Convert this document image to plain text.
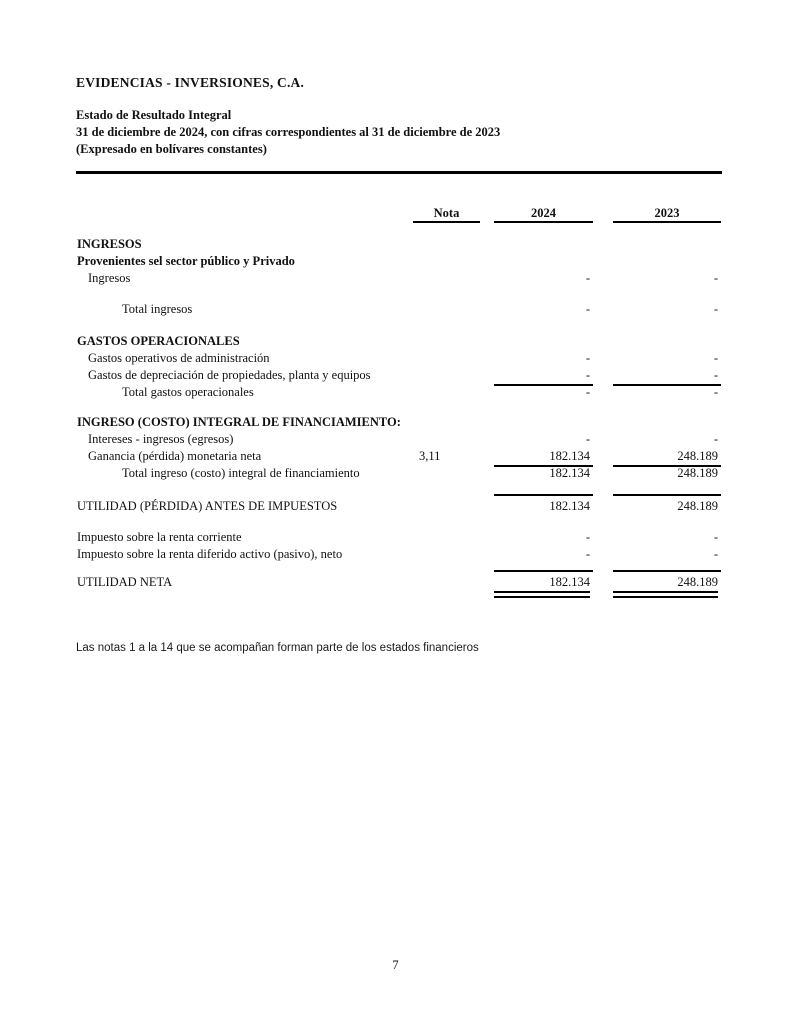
EVIDENCIAS - INVERSIONES, C.A.
Estado de Resultado Integral
31 de diciembre de 2024, con cifras correspondientes al 31 de diciembre de 2023
(Expresado en bolívares constantes)
Nota	2024	2023
INGRESOS
Provenientes sel sector público y Privado
Ingresos	-	-
Total ingresos	-	-
GASTOS OPERACIONALES
Gastos operativos de administración	-	-
Gastos de depreciación de propiedades, planta y equipos	-	-
Total gastos operacionales	-	-
INGRESO (COSTO) INTEGRAL DE FINANCIAMIENTO:
Intereses - ingresos (egresos)	-	-
Ganancia (pérdida) monetaria neta	3,11	182.134	248.189
Total ingreso (costo) integral de financiamiento	182.134	248.189
UTILIDAD (PÉRDIDA) ANTES DE IMPUESTOS	182.134	248.189
Impuesto sobre la renta corriente	-	-
Impuesto sobre la renta diferido activo (pasivo), neto	-	-
UTILIDAD NETA	182.134	248.189
Las notas 1 a la 14 que se acompañan forman parte de los estados financieros
7
